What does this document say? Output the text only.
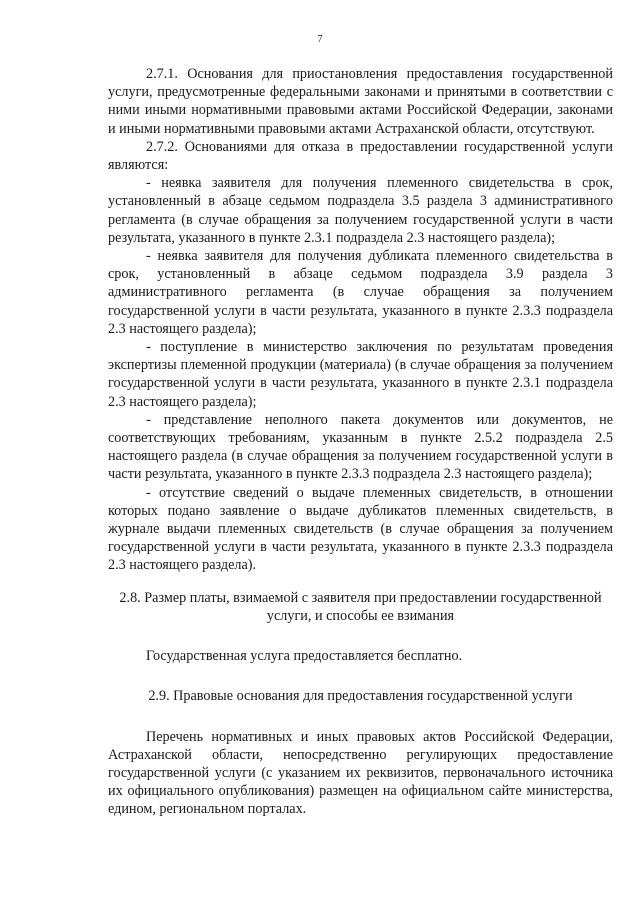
7

2.7.1. Основания для приостановления предоставления государственной услуги, предусмотренные федеральными законами и принятыми в соответствии с ними иными нормативными правовыми актами Российской Федерации, законами и иными нормативными правовыми актами Астраханской области, отсутствуют.

2.7.2. Основаниями для отказа в предоставлении государственной услуги являются:

- неявка заявителя для получения племенного свидетельства в срок, установленный в абзаце седьмом подраздела 3.5 раздела 3 административного регламента (в случае обращения за получением государственной услуги в части результата, указанного в пункте 2.3.1 подраздела 2.3 настоящего раздела);

- неявка заявителя для получения дубликата племенного свидетельства в срок, установленный в абзаце седьмом подраздела 3.9 раздела 3 административного регламента (в случае обращения за получением государственной услуги в части результата, указанного в пункте 2.3.3 подраздела 2.3 настоящего раздела);

- поступление в министерство заключения по результатам проведения экспертизы племенной продукции (материала) (в случае обращения за получением государственной услуги в части результата, указанного в пункте 2.3.1 подраздела 2.3 настоящего раздела);

- представление неполного пакета документов или документов, не соответствующих требованиям, указанным в пункте 2.5.2 подраздела 2.5 настоящего раздела (в случае обращения за получением государственной услуги в части результата, указанного в пункте 2.3.3 подраздела 2.3 настоящего раздела);

- отсутствие сведений о выдаче племенных свидетельств, в отношении которых подано заявление о выдаче дубликатов племенных свидетельств, в журнале выдачи племенных свидетельств (в случае обращения за получением государственной услуги в части результата, указанного в пункте 2.3.3 подраздела 2.3 настоящего раздела).

2.8. Размер платы, взимаемой с заявителя при предоставлении государственной услуги, и способы ее взимания

Государственная услуга предоставляется бесплатно.

2.9. Правовые основания для предоставления государственной услуги

Перечень нормативных и иных правовых актов Российской Федерации, Астраханской области, непосредственно регулирующих предоставление государственной услуги (с указанием их реквизитов, первоначального источника их официального опубликования) размещен на официальном сайте министерства, едином, региональном порталах.
